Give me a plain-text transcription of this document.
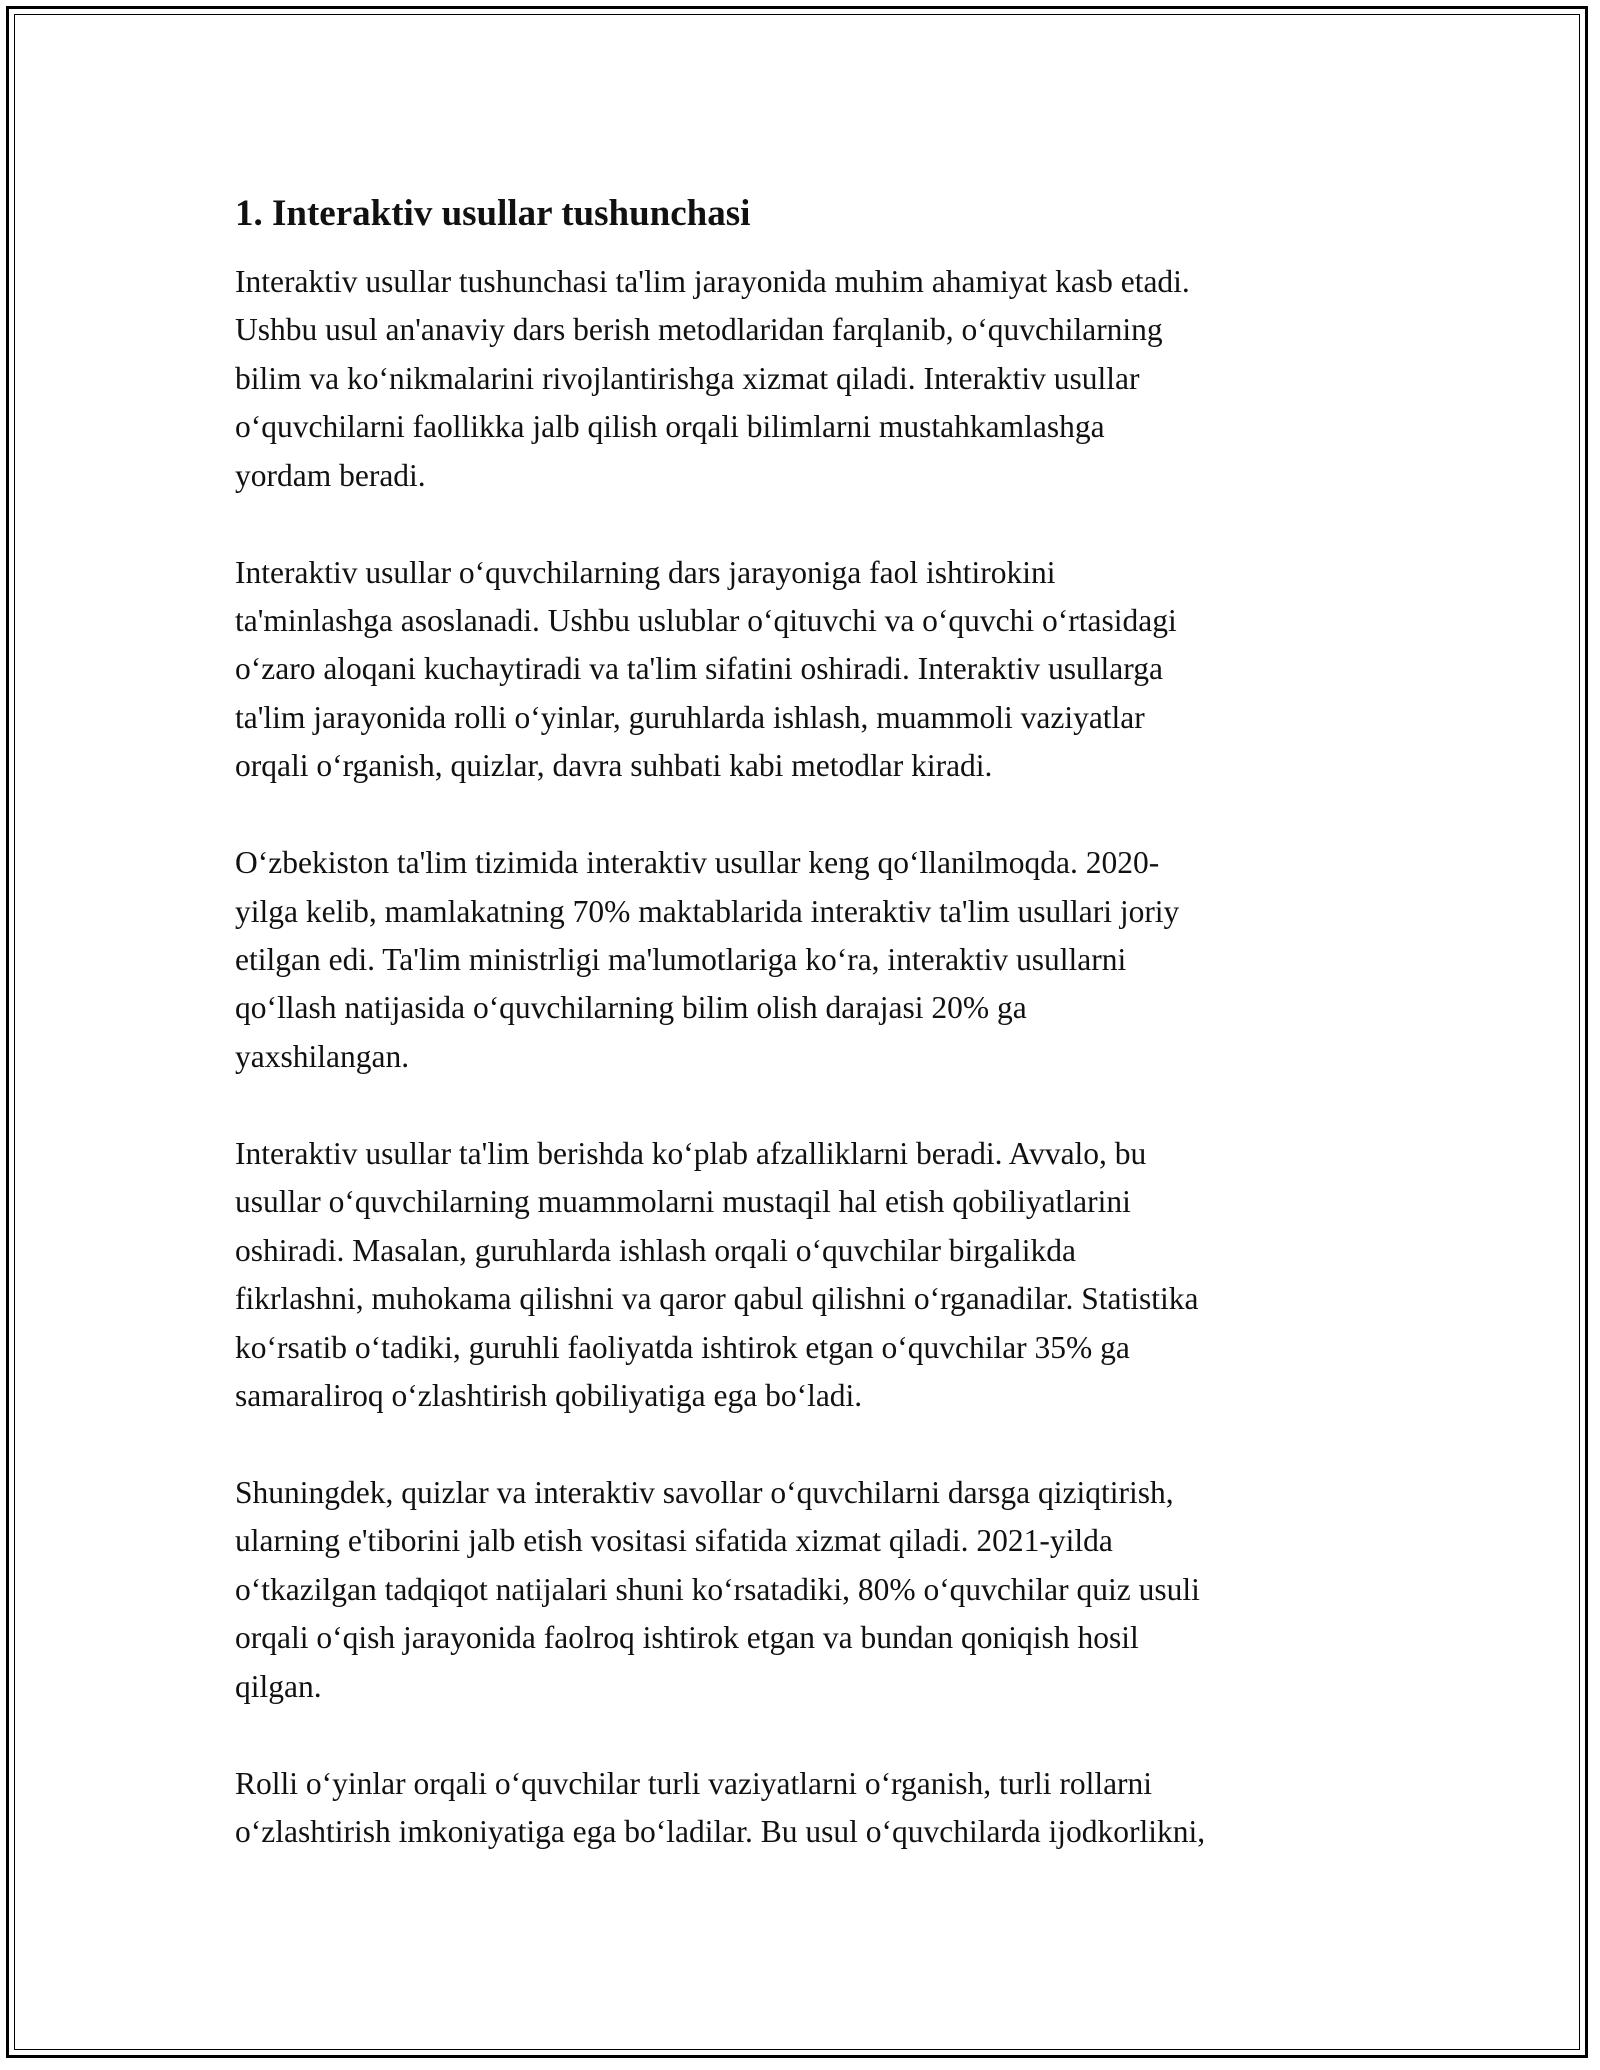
1. Interaktiv usullar tushunchasi

Interaktiv usullar tushunchasi ta'lim jarayonida muhim ahamiyat kasb etadi.
Ushbu usul an'anaviy dars berish metodlaridan farqlanib, o‘quvchilarning
bilim va ko‘nikmalarini rivojlantirishga xizmat qiladi. Interaktiv usullar
o‘quvchilarni faollikka jalb qilish orqali bilimlarni mustahkamlashga
yordam beradi.

Interaktiv usullar o‘quvchilarning dars jarayoniga faol ishtirokini
ta'minlashga asoslanadi. Ushbu uslublar o‘qituvchi va o‘quvchi o‘rtasidagi
o‘zaro aloqani kuchaytiradi va ta'lim sifatini oshiradi. Interaktiv usullarga
ta'lim jarayonida rolli o‘yinlar, guruhlarda ishlash, muammoli vaziyatlar
orqali o‘rganish, quizlar, davra suhbati kabi metodlar kiradi.

O‘zbekiston ta'lim tizimida interaktiv usullar keng qo‘llanilmoqda. 2020-
yilga kelib, mamlakatning 70% maktablarida interaktiv ta'lim usullari joriy
etilgan edi. Ta'lim ministrligi ma'lumotlariga ko‘ra, interaktiv usullarni
qo‘llash natijasida o‘quvchilarning bilim olish darajasi 20% ga
yaxshilangan.

Interaktiv usullar ta'lim berishda ko‘plab afzalliklarni beradi. Avvalo, bu
usullar o‘quvchilarning muammolarni mustaqil hal etish qobiliyatlarini
oshiradi. Masalan, guruhlarda ishlash orqali o‘quvchilar birgalikda
fikrlashni, muhokama qilishni va qaror qabul qilishni o‘rganadilar. Statistika
ko‘rsatib o‘tadiki, guruhli faoliyatda ishtirok etgan o‘quvchilar 35% ga
samaraliroq o‘zlashtirish qobiliyatiga ega bo‘ladi.

Shuningdek, quizlar va interaktiv savollar o‘quvchilarni darsga qiziqtirish,
ularning e'tiborini jalb etish vositasi sifatida xizmat qiladi. 2021-yilda
o‘tkazilgan tadqiqot natijalari shuni ko‘rsatadiki, 80% o‘quvchilar quiz usuli
orqali o‘qish jarayonida faolroq ishtirok etgan va bundan qoniqish hosil
qilgan.

Rolli o‘yinlar orqali o‘quvchilar turli vaziyatlarni o‘rganish, turli rollarni
o‘zlashtirish imkoniyatiga ega bo‘ladilar. Bu usul o‘quvchilarda ijodkorlikni,
